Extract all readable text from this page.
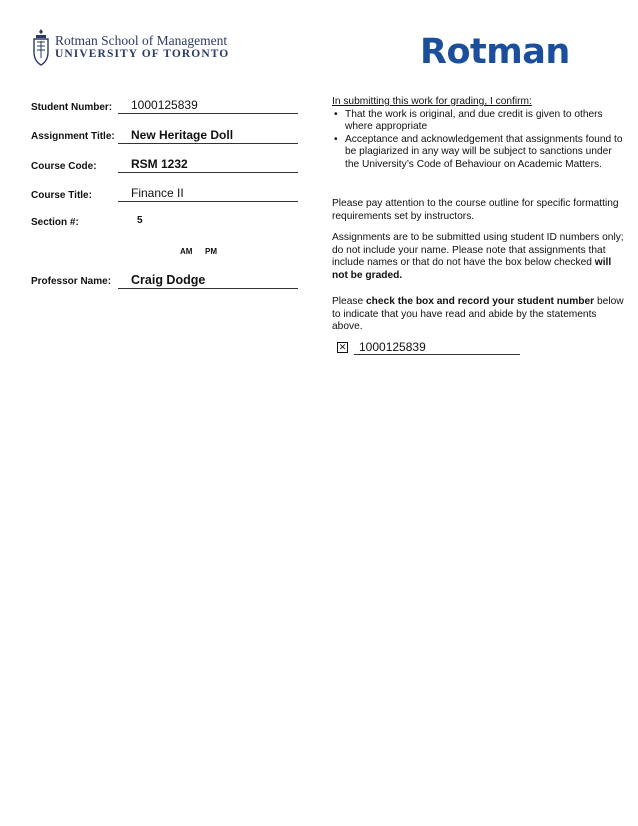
Rotman School of Management
UNIVERSITY OF TORONTO	Rotman
Student Number: 1000125839
Assignment Title: New Heritage Doll
Course Code:	RSM 1232
Course Title:	Finance II
Section #:	5
AM PM
Professor Name: Craig Dodge

In submitting this work for grading, I confirm:

• That the work is original, and due credit is given to others where appropriate
• Acceptance and acknowledgement that assignments found to be plagiarized in any way will be subject to sanctions under the University’s Code of Behaviour on Academic Matters.

Please pay attention to the course outline for specific formatting requirements set by instructors.

Assignments are to be submitted using student ID numbers only; do not include your name. Please note that assignments that include names or that do not have the box below checked will not be graded.

Please check the box and record your student number below to indicate that you have read and abide by the statements above.

✕	1000125839
